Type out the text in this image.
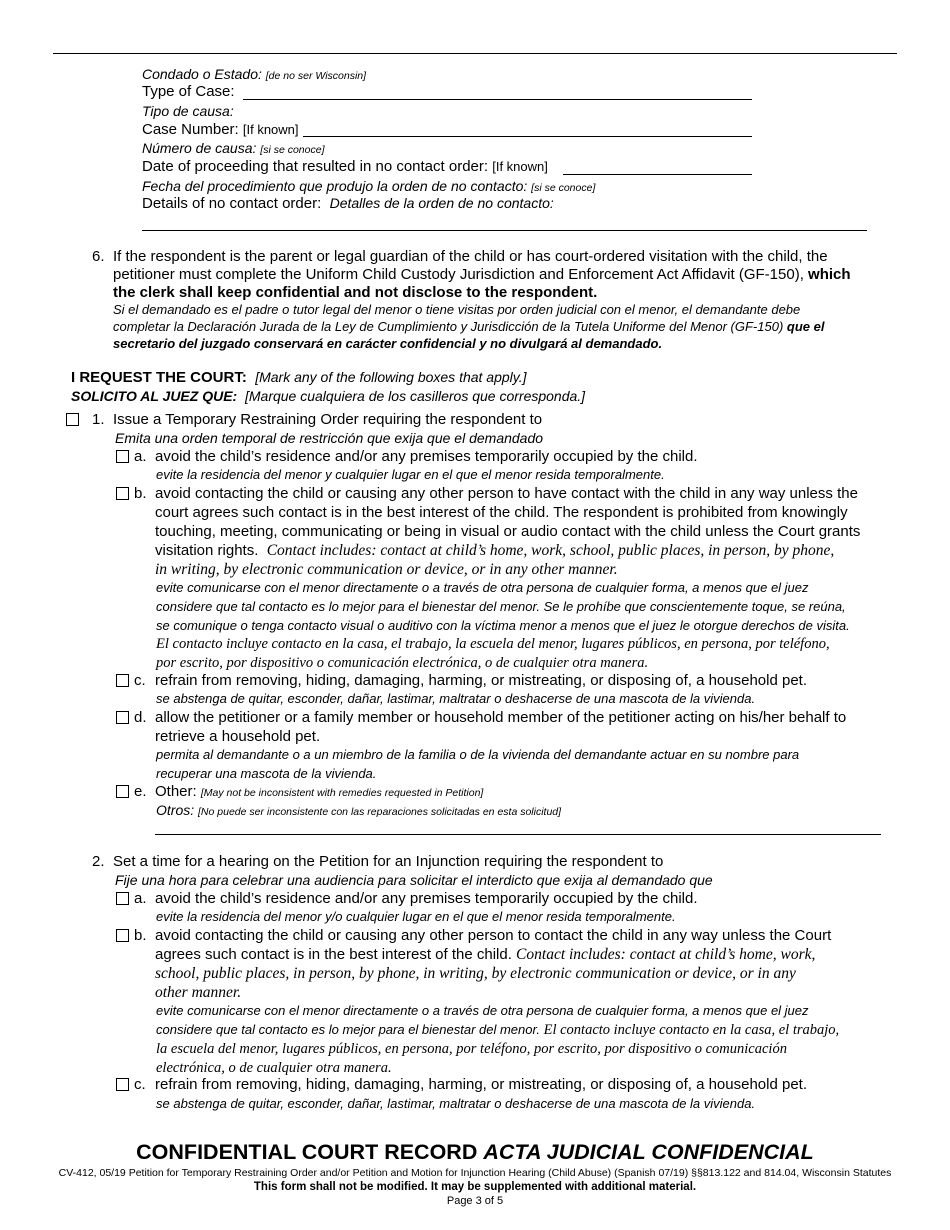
Condado o Estado: [de no ser Wisconsin]
Type of Case:
Tipo de causa:
Case Number: [If known]
Número de causa: [si se conoce]
Date of proceeding that resulted in no contact order: [If known]
Fecha del procedimiento que produjo la orden de no contacto: [si se conoce]
Details of no contact order: Detalles de la orden de no contacto:
6. If the respondent is the parent or legal guardian of the child or has court-ordered visitation with the child, the
petitioner must complete the Uniform Child Custody Jurisdiction and Enforcement Act Affidavit (GF-150), which
the clerk shall keep confidential and not disclose to the respondent.
Si el demandado es el padre o tutor legal del menor o tiene visitas por orden judicial con el menor, el demandante debe
completar la Declaración Jurada de la Ley de Cumplimiento y Jurisdicción de la Tutela Uniforme del Menor (GF-150) que el
secretario del juzgado conservará en carácter confidencial y no divulgará al demandado.
I REQUEST THE COURT: [Mark any of the following boxes that apply.]
SOLICITO AL JUEZ QUE: [Marque cualquiera de los casilleros que corresponda.]
1. Issue a Temporary Restraining Order requiring the respondent to
Emita una orden temporal de restricción que exija que el demandado
a. avoid the child’s residence and/or any premises temporarily occupied by the child.
evite la residencia del menor y cualquier lugar en el que el menor resida temporalmente.
b. avoid contacting the child or causing any other person to have contact with the child in any way unless the
court agrees such contact is in the best interest of the child. The respondent is prohibited from knowingly
touching, meeting, communicating or being in visual or audio contact with the child unless the Court grants
visitation rights. Contact includes: contact at child’s home, work, school, public places, in person, by phone,
in writing, by electronic communication or device, or in any other manner.
evite comunicarse con el menor directamente o a través de otra persona de cualquier forma, a menos que el juez
considere que tal contacto es lo mejor para el bienestar del menor. Se le prohíbe que conscientemente toque, se reúna,
se comunique o tenga contacto visual o auditivo con la víctima menor a menos que el juez le otorgue derechos de visita.
El contacto incluye contacto en la casa, el trabajo, la escuela del menor, lugares públicos, en persona, por teléfono,
por escrito, por dispositivo o comunicación electrónica, o de cualquier otra manera.
c. refrain from removing, hiding, damaging, harming, or mistreating, or disposing of, a household pet.
se abstenga de quitar, esconder, dañar, lastimar, maltratar o deshacerse de una mascota de la vivienda.
d. allow the petitioner or a family member or household member of the petitioner acting on his/her behalf to
retrieve a household pet.
permita al demandante o a un miembro de la familia o de la vivienda del demandante actuar en su nombre para
recuperar una mascota de la vivienda.
e. Other: [May not be inconsistent with remedies requested in Petition]
Otros: [No puede ser inconsistente con las reparaciones solicitadas en esta solicitud]
2. Set a time for a hearing on the Petition for an Injunction requiring the respondent to
Fije una hora para celebrar una audiencia para solicitar el interdicto que exija al demandado que
a. avoid the child’s residence and/or any premises temporarily occupied by the child.
evite la residencia del menor y/o cualquier lugar en el que el menor resida temporalmente.
b. avoid contacting the child or causing any other person to contact the child in any way unless the Court
agrees such contact is in the best interest of the child. Contact includes: contact at child’s home, work,
school, public places, in person, by phone, in writing, by electronic communication or device, or in any
other manner.
evite comunicarse con el menor directamente o a través de otra persona de cualquier forma, a menos que el juez
considere que tal contacto es lo mejor para el bienestar del menor. El contacto incluye contacto en la casa, el trabajo,
la escuela del menor, lugares públicos, en persona, por teléfono, por escrito, por dispositivo o comunicación
electrónica, o de cualquier otra manera.
c. refrain from removing, hiding, damaging, harming, or mistreating, or disposing of, a household pet.
se abstenga de quitar, esconder, dañar, lastimar, maltratar o deshacerse de una mascota de la vivienda.
CONFIDENTIAL COURT RECORD ACTA JUDICIAL CONFIDENCIAL
CV-412, 05/19 Petition for Temporary Restraining Order and/or Petition and Motion for Injunction Hearing (Child Abuse) (Spanish 07/19) §§813.122 and 814.04, Wisconsin Statutes
This form shall not be modified. It may be supplemented with additional material.
Page 3 of 5
